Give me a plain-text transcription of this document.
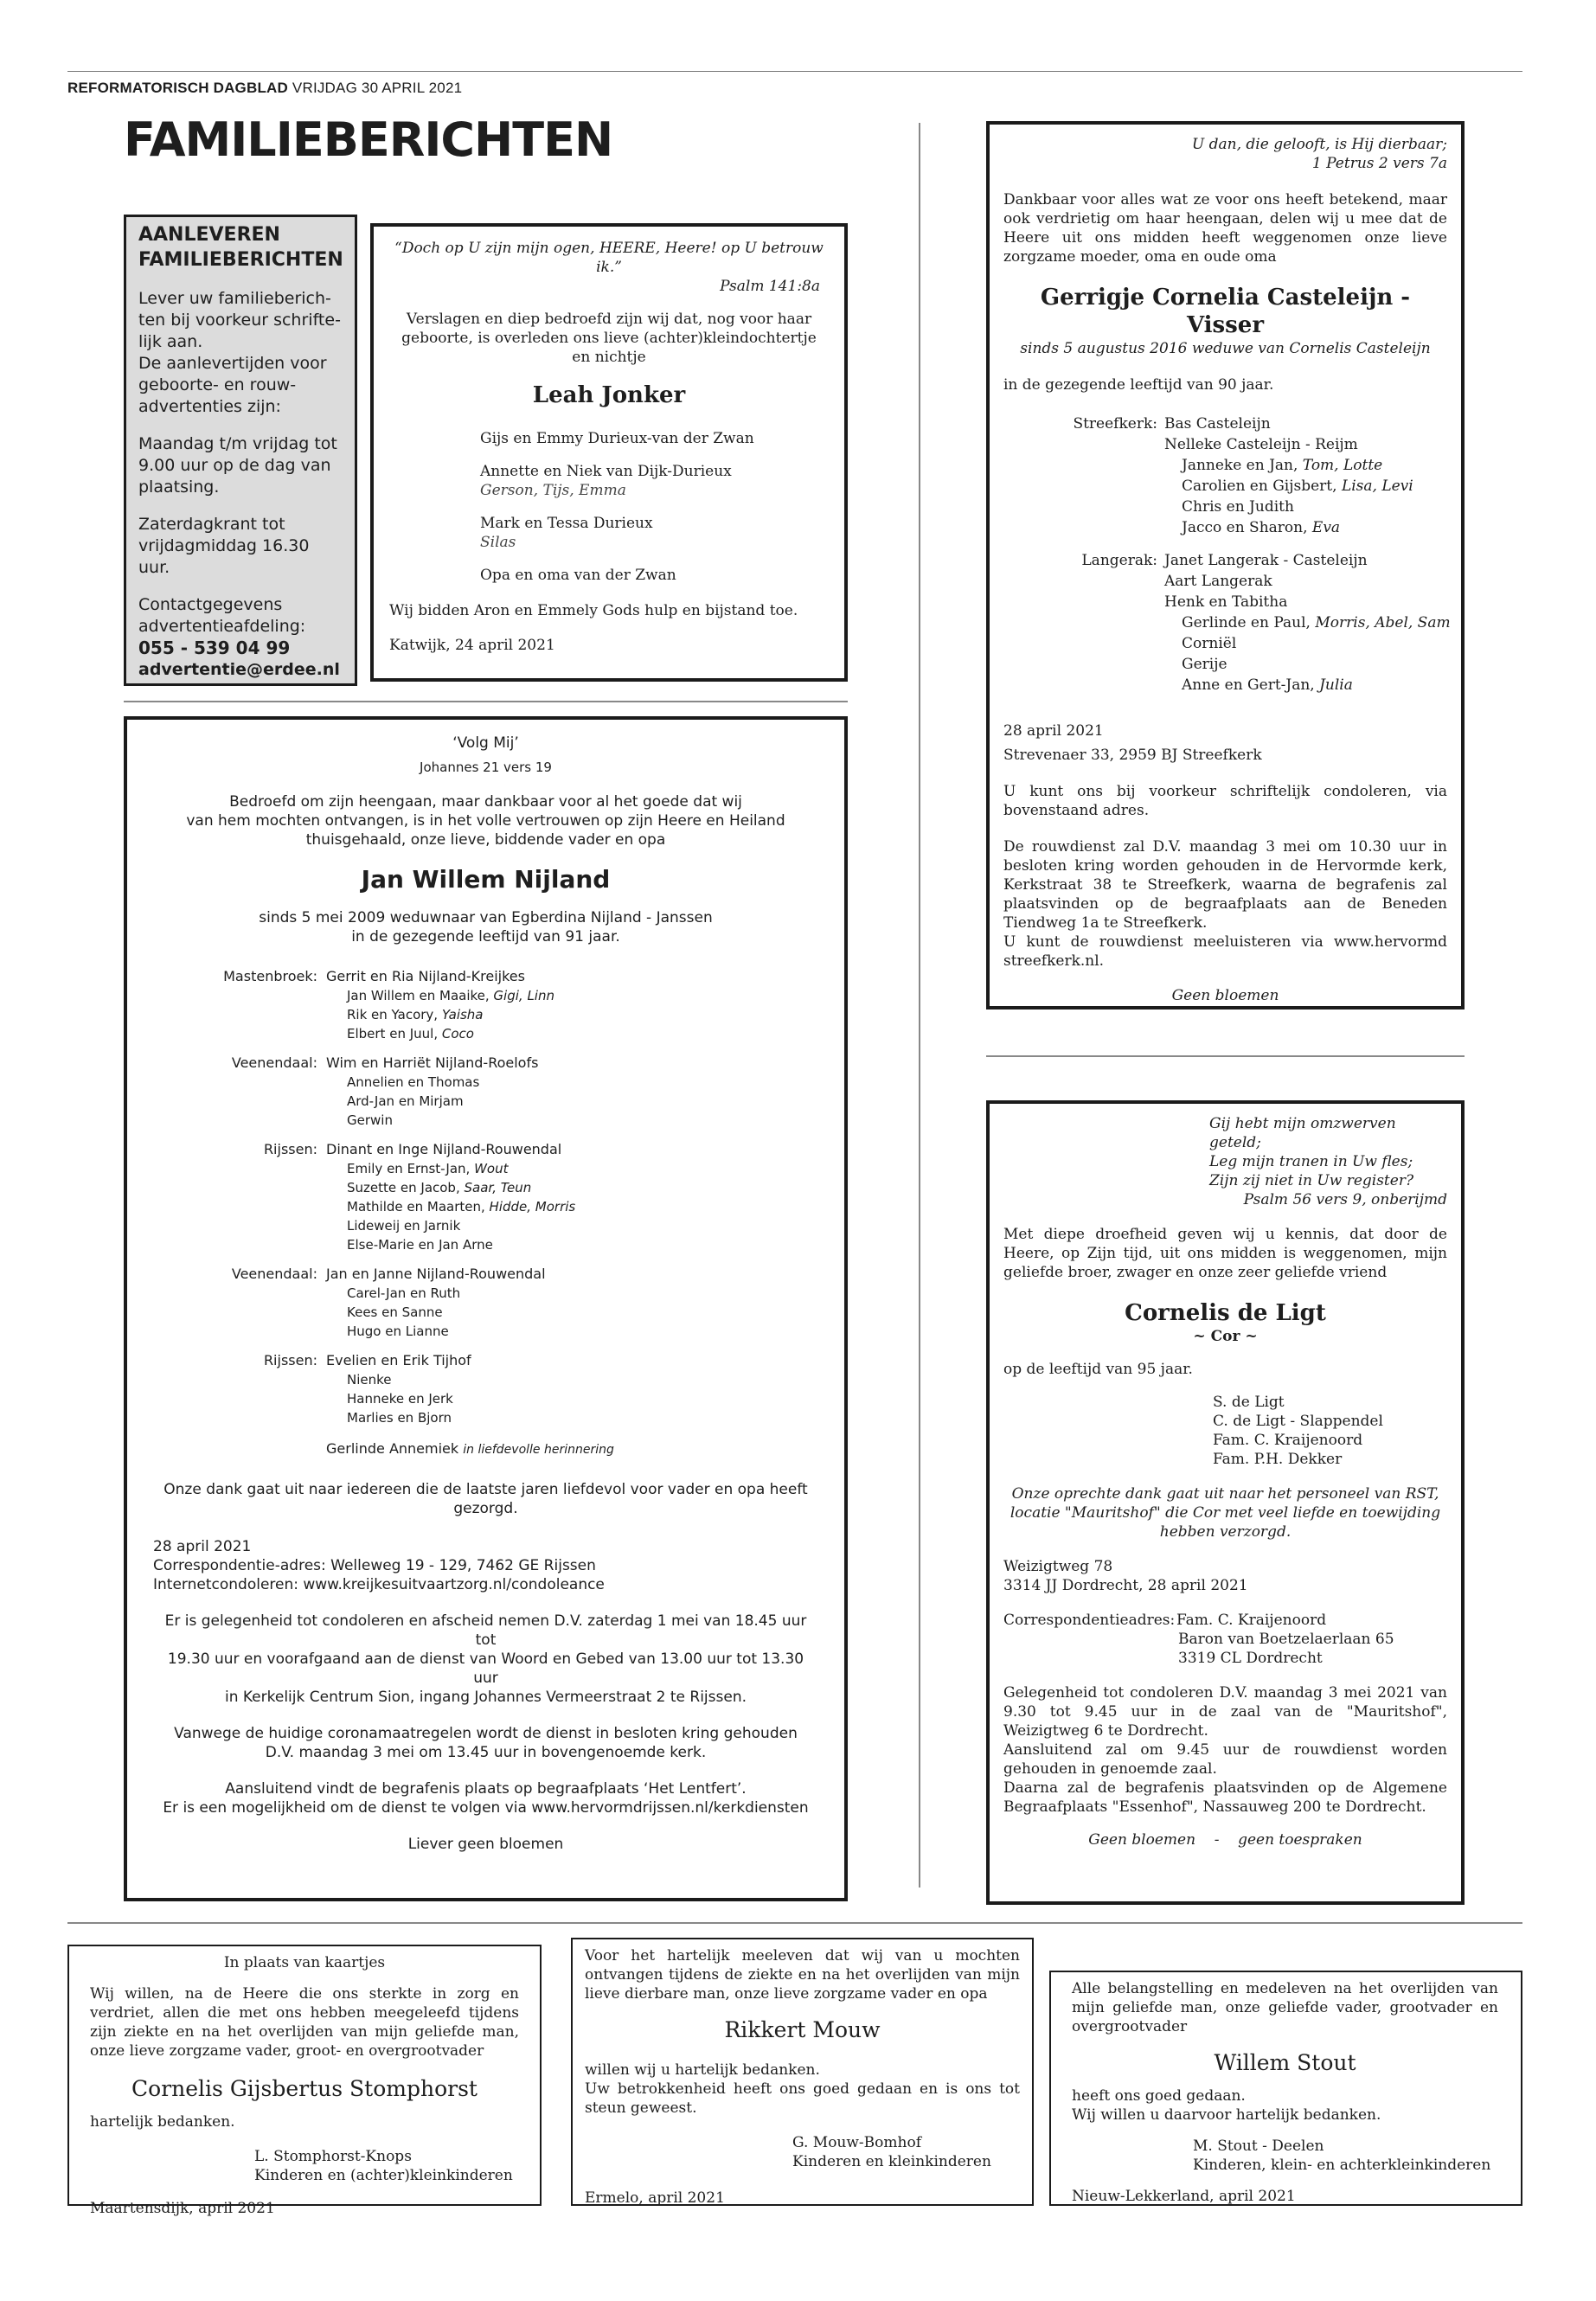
REFORMATORISCH DAGBLAD VRIJDAG 30 APRIL 2021
FAMILIEBERICHTEN
AANLEVEREN
FAMILIEBERICHTEN
Lever uw familieberich-
ten bij voorkeur schrifte-
lijk aan.
De aanlevertijden voor
geboorte- en rouw-
advertenties zijn:
Maandag t/m vrijdag tot
9.00 uur op de dag van
plaatsing.
Zaterdagkrant tot
vrijdagmiddag 16.30 uur.
Contactgegevens
advertentieafdeling:
055 - 539 04 99
advertentie@erdee.nl
“Doch op U zijn mijn ogen, HEERE, Heere! op U betrouw ik.”
Psalm 141:8a
Verslagen en diep bedroefd zijn wij dat, nog voor haar
geboorte, is overleden ons lieve (achter)kleindochtertje
en nichtje
Leah Jonker
Gijs en Emmy Durieux-van der Zwan
Annette en Niek van Dijk-Durieux
Gerson, Tijs, Emma
Mark en Tessa Durieux
Silas
Opa en oma van der Zwan
Wij bidden Aron en Emmely Gods hulp en bijstand toe.
Katwijk, 24 april 2021
‘Volg Mij’
Johannes 21 vers 19
Bedroefd om zijn heengaan, maar dankbaar voor al het goede dat wij
van hem mochten ontvangen, is in het volle vertrouwen op zijn Heere en Heiland
thuisgehaald, onze lieve, biddende vader en opa
Jan Willem Nijland
sinds 5 mei 2009 weduwnaar van Egberdina Nijland - Janssen
in de gezegende leeftijd van 91 jaar.
Mastenbroek: Gerrit en Ria Nijland-Kreijkes
Jan Willem en Maaike, Gigi, Linn
Rik en Yacory, Yaisha
Elbert en Juul, Coco
Veenendaal: Wim en Harriët Nijland-Roelofs
Annelien en Thomas
Ard-Jan en Mirjam
Gerwin
Rijssen: Dinant en Inge Nijland-Rouwendal
Emily en Ernst-Jan, Wout
Suzette en Jacob, Saar, Teun
Mathilde en Maarten, Hidde, Morris
Lideweij en Jarnik
Else-Marie en Jan Arne
Veenendaal: Jan en Janne Nijland-Rouwendal
Carel-Jan en Ruth
Kees en Sanne
Hugo en Lianne
Rijssen: Evelien en Erik Tijhof
Nienke
Hanneke en Jerk
Marlies en Bjorn
Gerlinde Annemiek in liefdevolle herinnering
Onze dank gaat uit naar iedereen die de laatste jaren liefdevol voor vader en opa heeft gezorgd.
28 april 2021
Correspondentie-adres: Welleweg 19 - 129, 7462 GE Rijssen
Internetcondoleren: www.kreijkesuitvaartzorg.nl/condoleance
Er is gelegenheid tot condoleren en afscheid nemen D.V. zaterdag 1 mei van 18.45 uur tot
19.30 uur en voorafgaand aan de dienst van Woord en Gebed van 13.00 uur tot 13.30 uur
in Kerkelijk Centrum Sion, ingang Johannes Vermeerstraat 2 te Rijssen.
Vanwege de huidige coronamaatregelen wordt de dienst in besloten kring gehouden
D.V. maandag 3 mei om 13.45 uur in bovengenoemde kerk.
Aansluitend vindt de begrafenis plaats op begraafplaats ‘Het Lentfert’.
Er is een mogelijkheid om de dienst te volgen via www.hervormdrijssen.nl/kerkdiensten
Liever geen bloemen
U dan, die gelooft, is Hij dierbaar;
1 Petrus 2 vers 7a
Dankbaar voor alles wat ze voor ons heeft betekend, maar ook verdrietig om haar heengaan, delen wij u mee dat de Heere uit ons midden heeft weggenomen onze lieve zorgzame moeder, oma en oude oma
Gerrigje Cornelia Casteleijn - Visser
sinds 5 augustus 2016 weduwe van Cornelis Casteleijn
in de gezegende leeftijd van 90 jaar.
Streefkerk: Bas Casteleijn
Nelleke Casteleijn - Reijm
Janneke en Jan, Tom, Lotte
Carolien en Gijsbert, Lisa, Levi
Chris en Judith
Jacco en Sharon, Eva
Langerak: Janet Langerak - Casteleijn
Aart Langerak
Henk en Tabitha
Gerlinde en Paul, Morris, Abel, Sam
Corniël
Gerije
Anne en Gert-Jan, Julia
28 april 2021
Strevenaer 33, 2959 BJ Streefkerk
U kunt ons bij voorkeur schriftelijk condoleren, via bovenstaand adres.
De rouwdienst zal D.V. maandag 3 mei om 10.30 uur in besloten kring worden gehouden in de Hervormde kerk, Kerkstraat 38 te Streefkerk, waarna de begrafenis zal plaatsvinden op de begraafplaats aan de Beneden Tiendweg 1a te Streefkerk.
U kunt de rouwdienst meeluisteren via www.hervormd streefkerk.nl.
Geen bloemen
Gij hebt mijn omzwerven geteld;
Leg mijn tranen in Uw fles;
Zijn zij niet in Uw register?
Psalm 56 vers 9, onberijmd
Met diepe droefheid geven wij u kennis, dat door de Heere, op Zijn tijd, uit ons midden is weggenomen, mijn geliefde broer, zwager en onze zeer geliefde vriend
Cornelis de Ligt
~ Cor ~
op de leeftijd van 95 jaar.
S. de Ligt
C. de Ligt - Slappendel
Fam. C. Kraijenoord
Fam. P.H. Dekker
Onze oprechte dank gaat uit naar het personeel van RST,
locatie "Mauritshof" die Cor met veel liefde en toewijding
hebben verzorgd.
Weizigtweg 78
3314 JJ Dordrecht, 28 april 2021
Correspondentieadres: Fam. C. Kraijenoord
Baron van Boetzelaerlaan 65
3319 CL Dordrecht
Gelegenheid tot condoleren D.V. maandag 3 mei 2021 van 9.30 tot 9.45 uur in de zaal van de "Mauritshof", Weizigtweg 6 te Dordrecht.
Aansluitend zal om 9.45 uur de rouwdienst worden gehouden in genoemde zaal.
Daarna zal de begrafenis plaatsvinden op de Algemene Begraafplaats "Essenhof", Nassauweg 200 te Dordrecht.
Geen bloemen - geen toespraken
In plaats van kaartjes
Wij willen, na de Heere die ons sterkte in zorg en verdriet, allen die met ons hebben meegeleefd tijdens zijn ziekte en na het overlijden van mijn geliefde man, onze lieve zorgzame vader, groot- en overgrootvader
Cornelis Gijsbertus Stomphorst
hartelijk bedanken.
L. Stomphorst-Knops
Kinderen en (achter)kleinkinderen
Maartensdijk, april 2021
Voor het hartelijk meeleven dat wij van u mochten ontvangen tijdens de ziekte en na het overlijden van mijn lieve dierbare man, onze lieve zorgzame vader en opa
Rikkert Mouw
willen wij u hartelijk bedanken.
Uw betrokkenheid heeft ons goed gedaan en is ons tot steun geweest.
G. Mouw-Bomhof
Kinderen en kleinkinderen
Ermelo, april 2021
Alle belangstelling en medeleven na het overlijden van mijn geliefde man, onze geliefde vader, grootvader en overgrootvader
Willem Stout
heeft ons goed gedaan.
Wij willen u daarvoor hartelijk bedanken.
M. Stout - Deelen
Kinderen, klein- en achterkleinkinderen
Nieuw-Lekkerland, april 2021
